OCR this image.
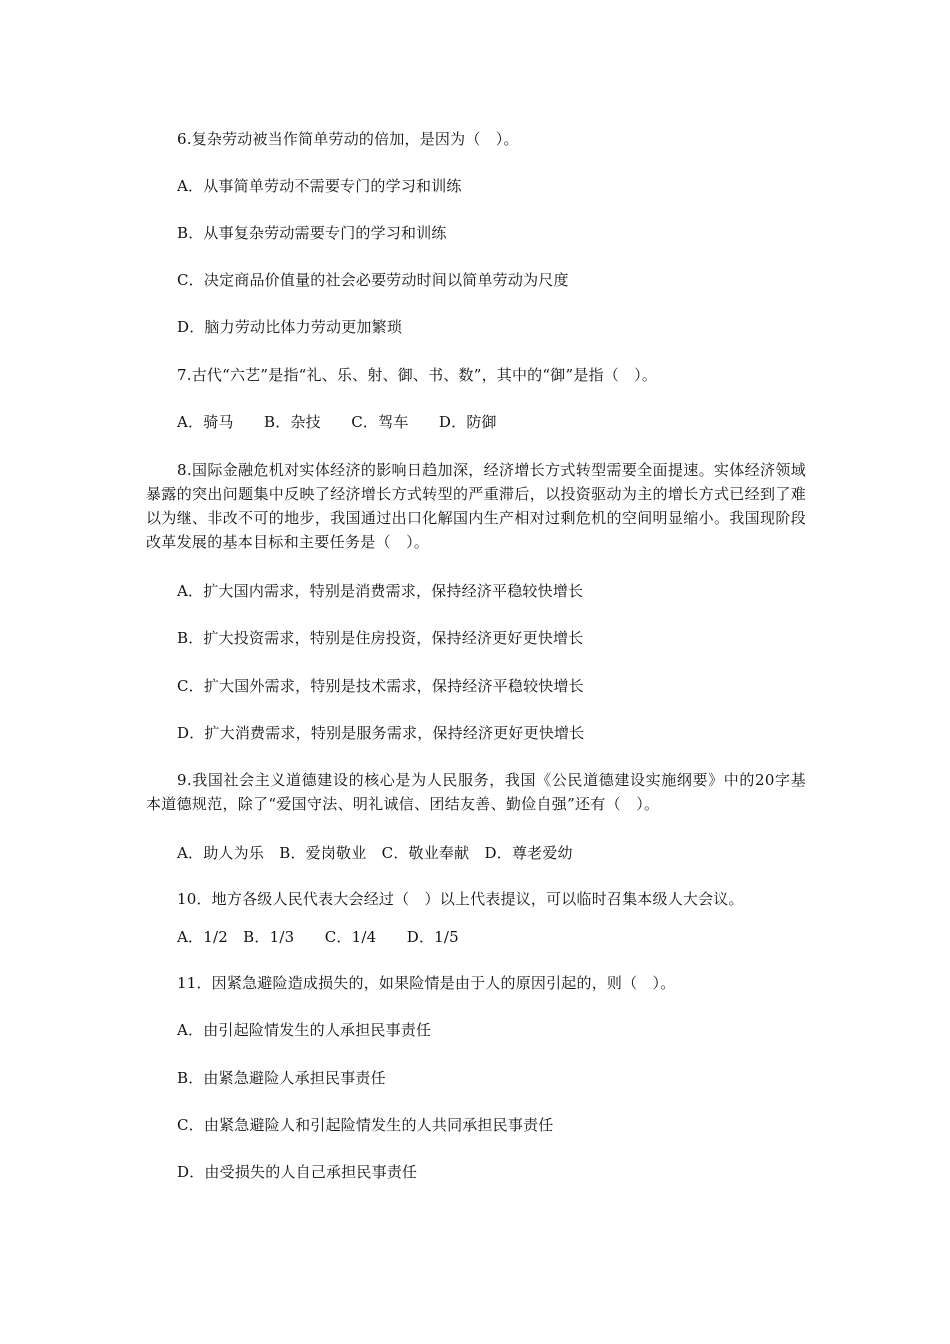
6.复杂劳动被当作简单劳动的倍加，是因为（　）。
A．从事简单劳动不需要专门的学习和训练
B．从事复杂劳动需要专门的学习和训练
C．决定商品价值量的社会必要劳动时间以简单劳动为尺度
D．脑力劳动比体力劳动更加繁琐
7.古代“六艺”是指“礼、乐、射、御、书、数”，其中的“御”是指（　）。
A．骑马　　B．杂技　　C．驾车　　D．防御
8.国际金融危机对实体经济的影响日趋加深，经济增长方式转型需要全面提速。实体经济领域暴露的突出问题集中反映了经济增长方式转型的严重滞后，以投资驱动为主的增长方式已经到了难以为继、非改不可的地步，我国通过出口化解国内生产相对过剩危机的空间明显缩小。我国现阶段改革发展的基本目标和主要任务是（　）。
A．扩大国内需求，特别是消费需求，保持经济平稳较快增长
B．扩大投资需求，特别是住房投资，保持经济更好更快增长
C．扩大国外需求，特别是技术需求，保持经济平稳较快增长
D．扩大消费需求，特别是服务需求，保持经济更好更快增长
9.我国社会主义道德建设的核心是为人民服务，我国《公民道德建设实施纲要》中的20字基本道德规范，除了“爱国守法、明礼诚信、团结友善、勤俭自强”还有（　）。
A．助人为乐　B．爱岗敬业　C．敬业奉献　D．尊老爱幼
10．地方各级人民代表大会经过（　）以上代表提议，可以临时召集本级人大会议。
A．1/2　B．1/3　　C．1/4　　D．1/5
11．因紧急避险造成损失的，如果险情是由于人的原因引起的，则（　）。
A．由引起险情发生的人承担民事责任
B．由紧急避险人承担民事责任
C．由紧急避险人和引起险情发生的人共同承担民事责任
D．由受损失的人自己承担民事责任
